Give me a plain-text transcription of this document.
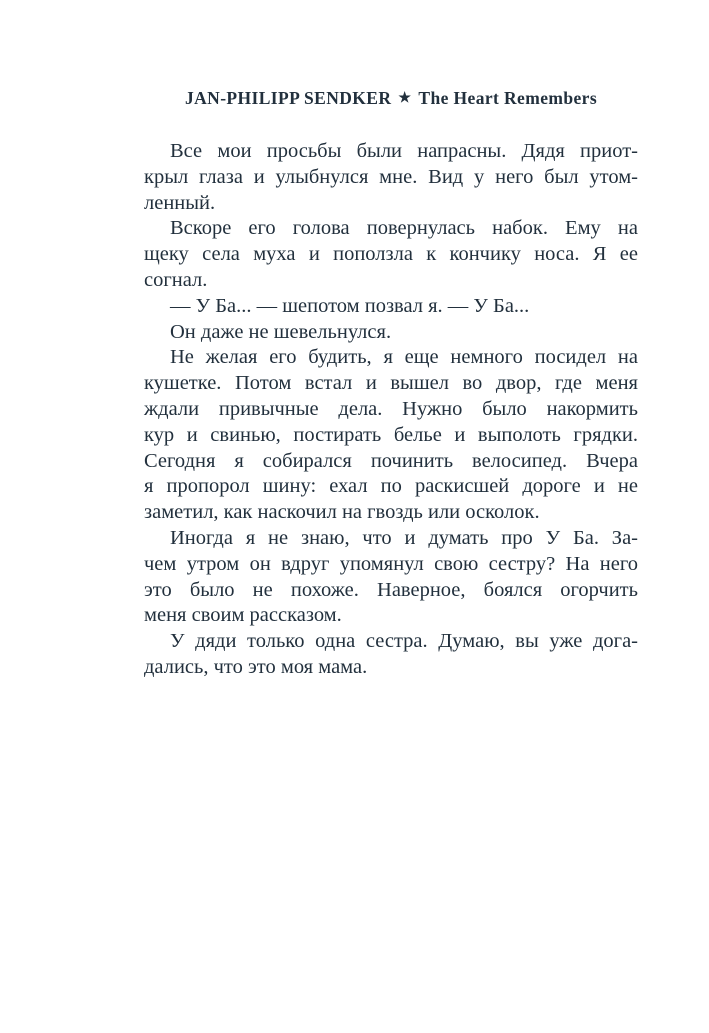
JAN-PHILIPP SENDKER ★ The Heart Remembers
Все мои просьбы были напрасны. Дядя приот-
крыл глаза и улыбнулся мне. Вид у него был утом-
ленный.
Вскоре его голова повернулась набок. Ему на
щеку села муха и поползла к кончику носа. Я ее
согнал.
— У Ба... — шепотом позвал я. — У Ба...
Он даже не шевельнулся.
Не желая его будить, я еще немного посидел на
кушетке. Потом встал и вышел во двор, где меня
ждали привычные дела. Нужно было накормить
кур и свинью, постирать белье и выполоть грядки.
Сегодня я собирался починить велосипед. Вчера
я пропорол шину: ехал по раскисшей дороге и не
заметил, как наскочил на гвоздь или осколок.
Иногда я не знаю, что и думать про У Ба. За-
чем утром он вдруг упомянул свою сестру? На него
это было не похоже. Наверное, боялся огорчить
меня своим рассказом.
У дяди только одна сестра. Думаю, вы уже дога-
дались, что это моя мама.
